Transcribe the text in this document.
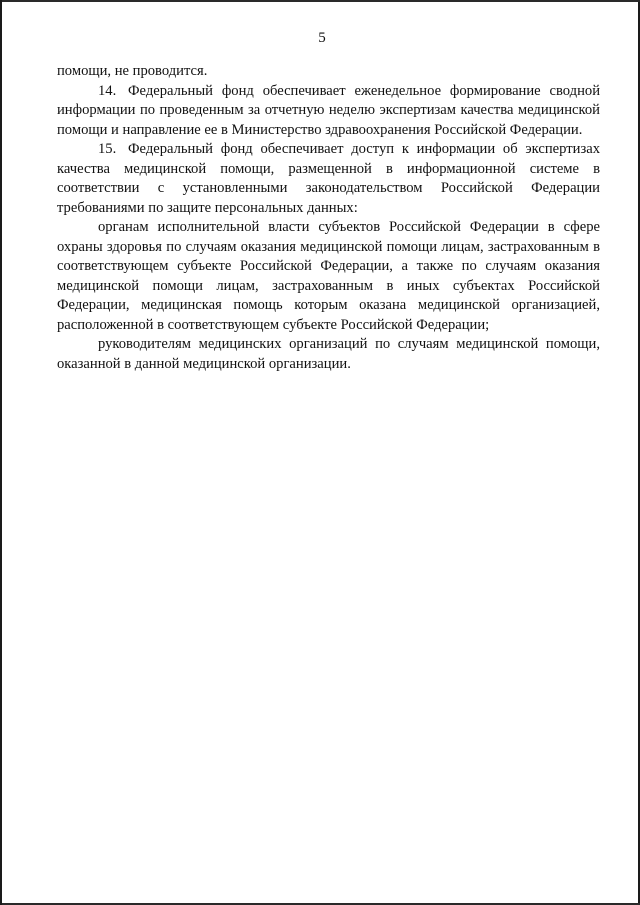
5

помощи, не проводится.

14. Федеральный фонд обеспечивает еженедельное формирование сводной информации по проведенным за отчетную неделю экспертизам качества медицинской помощи и направление ее в Министерство здравоохранения Российской Федерации.

15. Федеральный фонд обеспечивает доступ к информации об экспертизах качества медицинской помощи, размещенной в информационной системе в соответствии с установленными законодательством Российской Федерации требованиями по защите персональных данных:

органам исполнительной власти субъектов Российской Федерации в сфере охраны здоровья по случаям оказания медицинской помощи лицам, застрахованным в соответствующем субъекте Российской Федерации, а также по случаям оказания медицинской помощи лицам, застрахованным в иных субъектах Российской Федерации, медицинская помощь которым оказана медицинской организацией, расположенной в соответствующем субъекте Российской Федерации;

руководителям медицинских организаций по случаям медицинской помощи, оказанной в данной медицинской организации.
